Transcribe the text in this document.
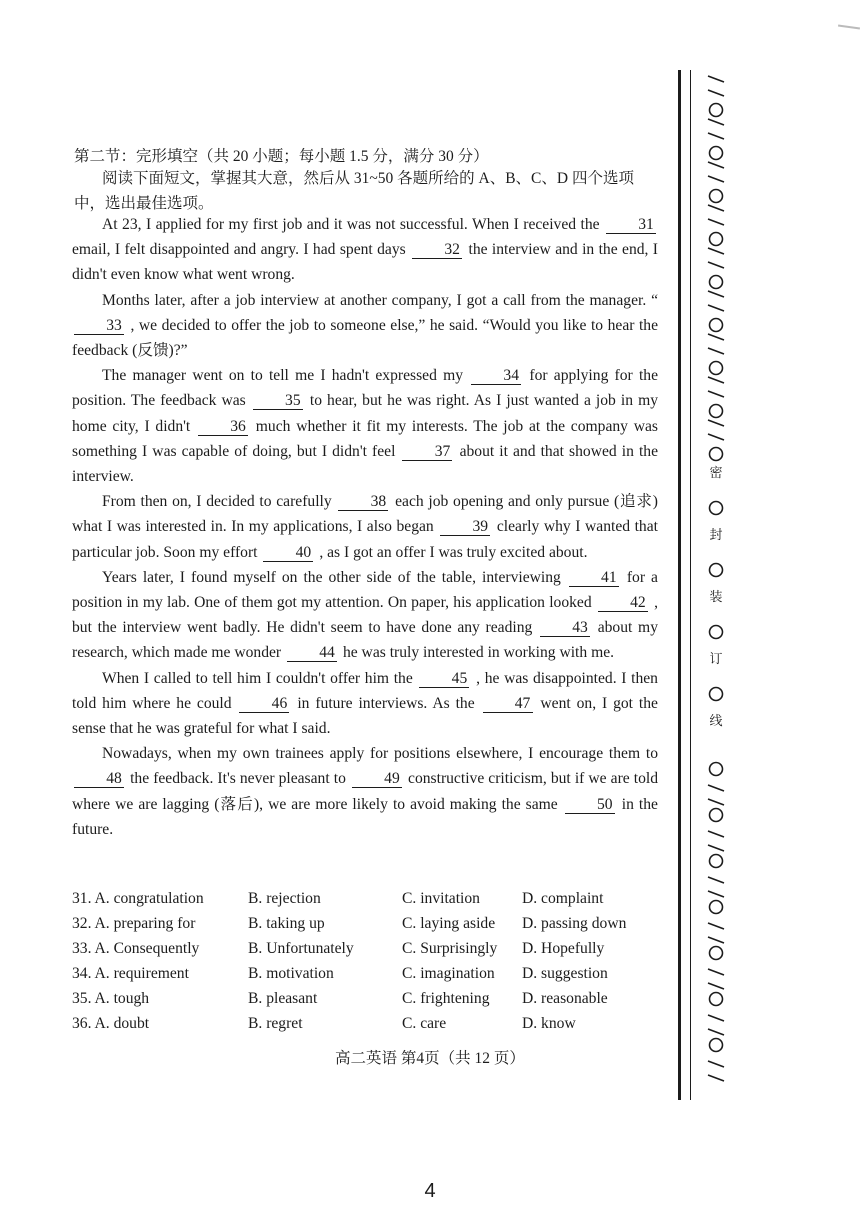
第二节：完形填空（共 20 小题；每小题 1.5 分，满分 30 分）
阅读下面短文，掌握其大意，然后从 31~50 各题所给的 A、B、C、D 四个选项中，选出最佳选项。

At 23, I applied for my first job and it was not successful. When I received the 31 email, I felt disappointed and angry. I had spent days 32 the interview and in the end, I didn't even know what went wrong.

Months later, after a job interview at another company, I got a call from the manager. “ 33 , we decided to offer the job to someone else,” he said. “Would you like to hear the feedback (反馈)?”

The manager went on to tell me I hadn't expressed my	34 for applying for the position. The feedback was	35 to hear, but he was right. As I just wanted a job in my home city, I didn't	36 much whether it fit my interests. The job at the company was something I was capable of doing, but I didn't feel	37 about it and that showed in the interview.

From then on, I decided to carefully 38 each job opening and only pursue (追求) what I was interested in. In my applications, I also began 39 clearly why I wanted that particular job. Soon my effort 40 , as I got an offer I was truly excited about.

Years later, I found myself on the other side of the table, interviewing	41 for a position in my lab. One of them got my attention. On paper, his application looked 42 , but the interview went badly. He didn't seem to have done any reading	43 about my research, which made me wonder 44 he was truly interested in working with me.

When I called to tell him I couldn't offer him the 45 , he was disappointed. I then told him where he could	46 in future interviews. As the	47 went on, I got the sense that he was grateful for what I said.

Nowadays, when my own trainees apply for positions elsewhere, I encourage them to 48 the feedback. It's never pleasant to 49 constructive criticism, but if we are told where we are lagging (落后), we are more likely to avoid making the same	50 in the future.

31. A. congratulation	B. rejection	C. invitation	D. complaint
32. A. preparing for	B. taking up	C. laying aside	D. passing down
33. A. Consequently	B. Unfortunately	C. Surprisingly	D. Hopefully
34. A. requirement	B. motivation	C. imagination	D. suggestion
35. A. tough	B. pleasant	C. frightening	D. reasonable
36. A. doubt	B. regret	C. care	D. know
高二英语 第4页（共 12 页）
4
密
封
装
订
线
